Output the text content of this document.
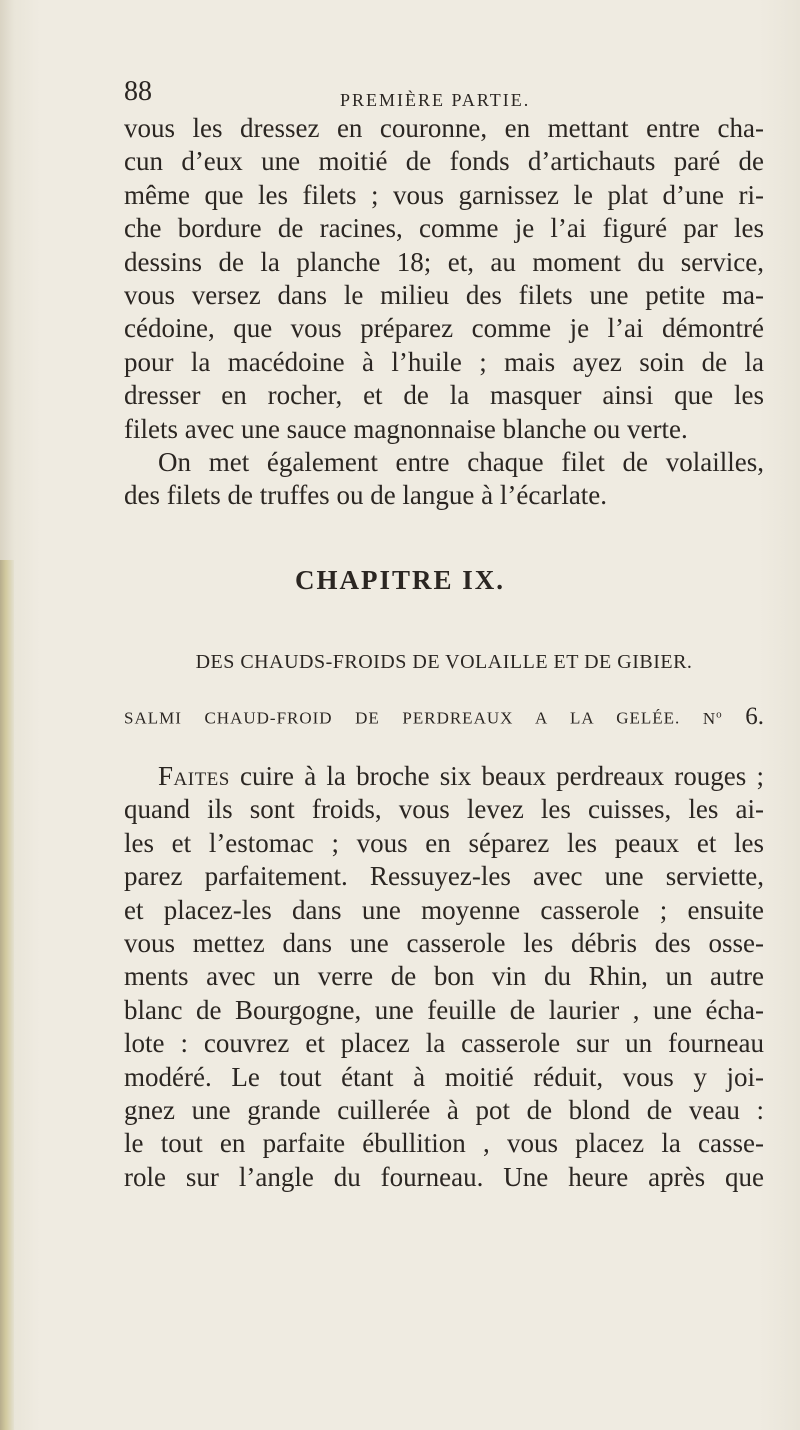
88	PREMIÈRE PARTIE.
vous les dressez en couronne, en mettant entre cha-
cun d’eux une moitié de fonds d’artichauts paré de
même que les filets ; vous garnissez le plat d’une ri-
che bordure de racines, comme je l’ai figuré par les
dessins de la planche 18; et, au moment du service,
vous versez dans le milieu des filets une petite ma-
cédoine, que vous préparez comme je l’ai démontré
pour la macédoine à l’huile ; mais ayez soin de la
dresser en rocher, et de la masquer ainsi que les
filets avec une sauce magnonnaise blanche ou verte.
On met également entre chaque filet de volailles,
des filets de truffes ou de langue à l’écarlate.
CHAPITRE IX.
DES CHAUDS-FROIDS DE VOLAILLE ET DE GIBIER.
SALMI CHAUD-FROID DE PERDREAUX A LA GELÉE. $N^o$ 6.
Faites cuire à la broche six beaux perdreaux rouges ;
quand ils sont froids, vous levez les cuisses, les ai-
les et l’estomac ; vous en séparez les peaux et les
parez parfaitement. Ressuyez-les avec une serviette,
et placez-les dans une moyenne casserole ; ensuite
vous mettez dans une casserole les débris des osse-
ments avec un verre de bon vin du Rhin, un autre
blanc de Bourgogne, une feuille de laurier , une écha-
lote : couvrez et placez la casserole sur un fourneau
modéré. Le tout étant à moitié réduit, vous y joi-
gnez une grande cuillerée à pot de blond de veau :
le tout en parfaite ébullition , vous placez la casse-
role sur l’angle du fourneau. Une heure après que
